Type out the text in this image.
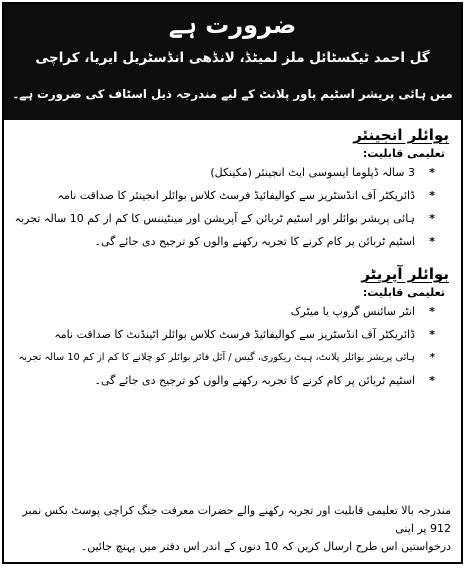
ضرورت ہے
گل احمد ٹیکسٹائل ملز لمیٹڈ، لانڈھی انڈسٹریل ایریا، کراچی
میں ہائی پریشر اسٹیم پاور پلانٹ کے لیے مندرجہ ذیل اسٹاف کی ضرورت ہے۔
بوائلر انجینئر
تعلیمی قابلیت:
*
3 سالہ ڈپلوما ایسوسی ایٹ انجینئر (مکینکل)
*
ڈائریکٹر آف انڈسٹریز سے کوالیفائیڈ فرسٹ کلاس بوائلر انجینئر کا صداقت نامہ
*
ہائی پریشر بوائلر اور اسٹیم ٹربائن کے آپریشن اور مینٹیننس کا کم از کم 10 سالہ تجربہ
*
اسٹیم ٹربائن پر کام کرنے کا تجربہ رکھنے والوں کو ترجیح دی جائے گی۔
بوائلر آپریٹر
تعلیمی قابلیت:
*
انٹر سائنس گروپ یا میٹرک
*
ڈائریکٹر آف انڈسٹریز سے کوالیفائیڈ فرسٹ کلاس بوائلر اٹینڈنٹ کا صداقت نامہ
*
ہائی پریشر بوائلر پلانٹ، ہیٹ ریکوری، گیس / آئل فائر بوائلر کو چلانے کا کم از کم 10 سالہ تجربہ
*
اسٹیم ٹربائن پر کام کرنے کا تجربہ رکھنے والوں کو ترجیح دی جائے گی۔
مندرجہ بالا تعلیمی قابلیت اور تجربہ رکھنے والے حضرات معرفت جنگ کراچی پوسٹ بکس نمبر 912 پر اپنی
درخواستیں اس طرح ارسال کریں کہ 10 دنوں کے اندر اس دفتر میں پہنچ جائیں۔
